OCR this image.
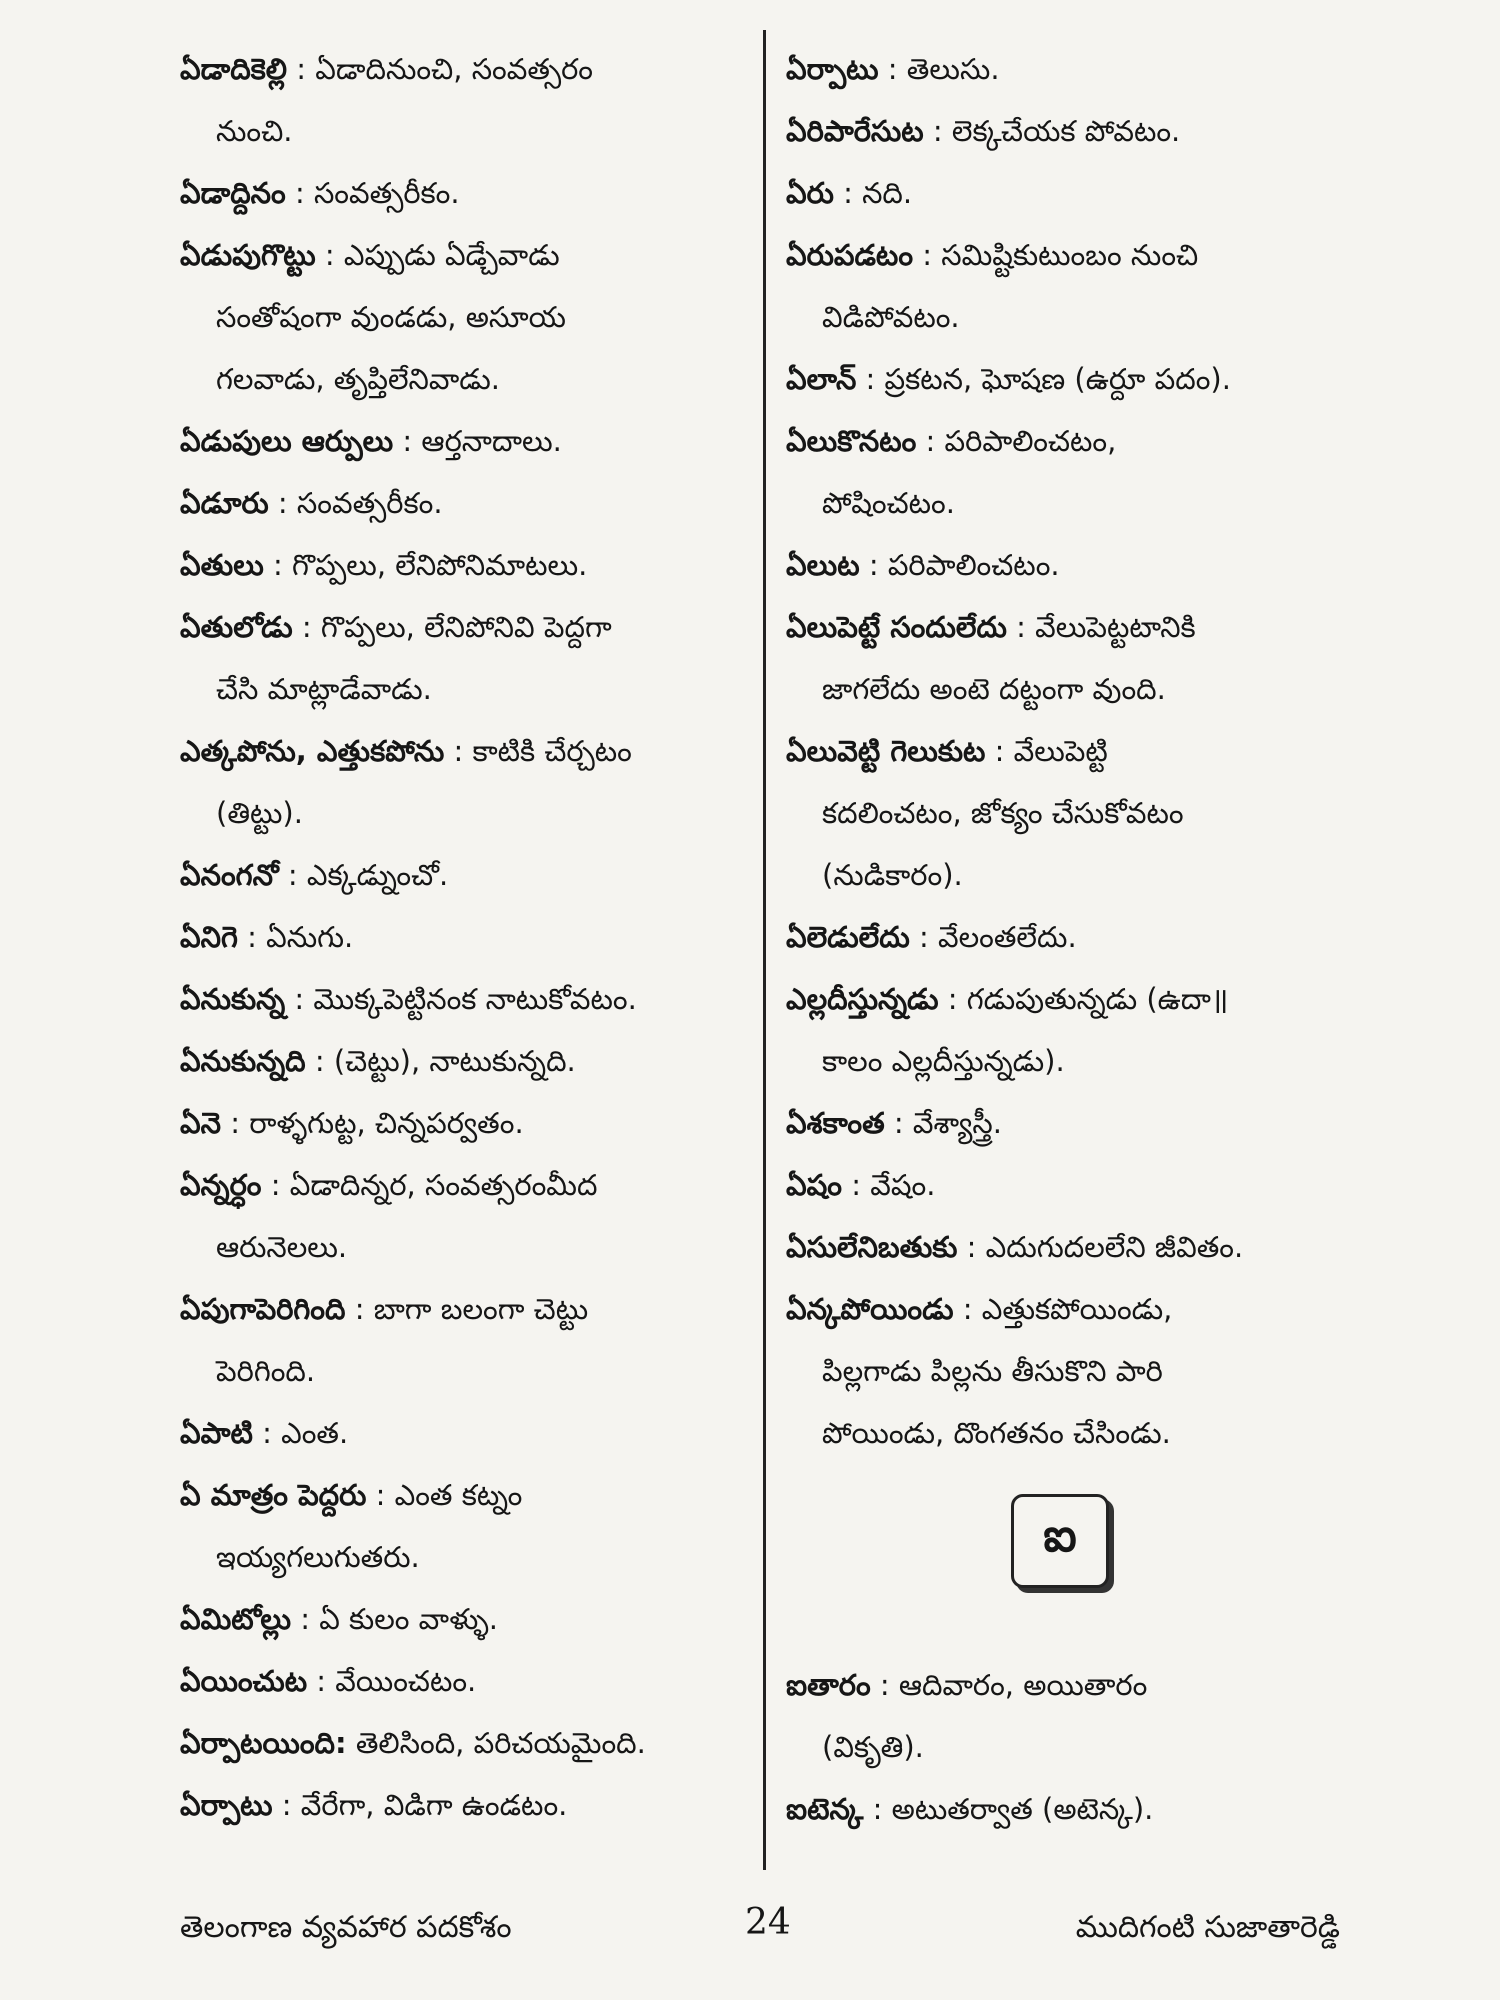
ఏడాదికెల్లి : ఏడాదినుంచి, సంవత్సరం
నుంచి.

ఏడాద్దినం : సంవత్సరీకం.

ఏడుపుగొట్టు : ఎప్పుడు ఏడ్చేవాడు
సంతోషంగా వుండడు, అసూయ
గలవాడు, తృప్తిలేనివాడు.

ఏడుపులు ఆర్పులు : ఆర్తనాదాలు.

ఏడూరు : సంవత్సరీకం.

ఏతులు : గొప్పలు, లేనిపోనిమాటలు.

ఏతులోడు : గొప్పలు, లేనిపోనివి పెద్దగా
చేసి మాట్లాడేవాడు.

ఎత్కపోను, ఎత్తుకపోను : కాటికి చేర్చటం
(తిట్టు).

ఏనంగనో : ఎక్కడ్నుంచో.

ఏనిగె : ఏనుగు.

ఏనుకున్న : మొక్కపెట్టినంక నాటుకోవటం.

ఏనుకున్నది : (చెట్టు), నాటుకున్నది.

ఏనె : రాళ్ళగుట్ట, చిన్నపర్వతం.

ఏన్నర్ధం : ఏడాదిన్నర, సంవత్సరంమీద
ఆరునెలలు.

ఏపుగాపెరిగింది : బాగా బలంగా చెట్టు
పెరిగింది.

ఏపాటి : ఎంత.

ఏ మాత్రం పెద్దరు : ఎంత కట్నం
ఇయ్యగలుగుతరు.

ఏమిటోల్లు : ఏ కులం వాళ్ళు.

ఏయించుట : వేయించటం.

ఏర్పాటయింది: తెలిసింది, పరిచయమైంది.

ఏర్పాటు : వేరేగా, విడిగా ఉండటం.

ఏర్పాటు : తెలుసు.

ఏరిపారేసుట : లెక్కచేయక పోవటం.

ఏరు : నది.

ఏరుపడటం : సమిష్టికుటుంబం నుంచి
విడిపోవటం.

ఏలాన్ : ప్రకటన, ఘోషణ (ఉర్దూ పదం).

ఏలుకొనటం : పరిపాలించటం,
పోషించటం.

ఏలుట : పరిపాలించటం.

ఏలుపెట్టే సందులేదు : వేలుపెట్టటానికి
జాగలేదు అంటె దట్టంగా వుంది.

ఏలువెట్టి గెలుకుట : వేలుపెట్టి
కదలించటం, జోక్యం చేసుకోవటం
(నుడికారం).

ఏలెడులేదు : వేలంతలేదు.

ఎల్లదీస్తున్నడు : గడుపుతున్నడు (ఉదా॥
కాలం ఎల్లదీస్తున్నడు).

ఏశకాంత : వేశ్యాస్త్రీ.

ఏషం : వేషం.

ఏసులేనిబతుకు : ఎదుగుదలలేని జీవితం.

ఏన్కపోయిండు : ఎత్తుకపోయిండు,
పిల్లగాడు పిల్లను తీసుకొని పారి
పోయిండు, దొంగతనం చేసిండు.

ఐ

ఐతారం : ఆదివారం, అయితారం
(వికృతి).

ఐటెన్క : అటుతర్వాత (అటెన్క).

తెలంగాణ వ్యవహార పదకోశం	24	ముదిగంటి సుజాతారెడ్డి
